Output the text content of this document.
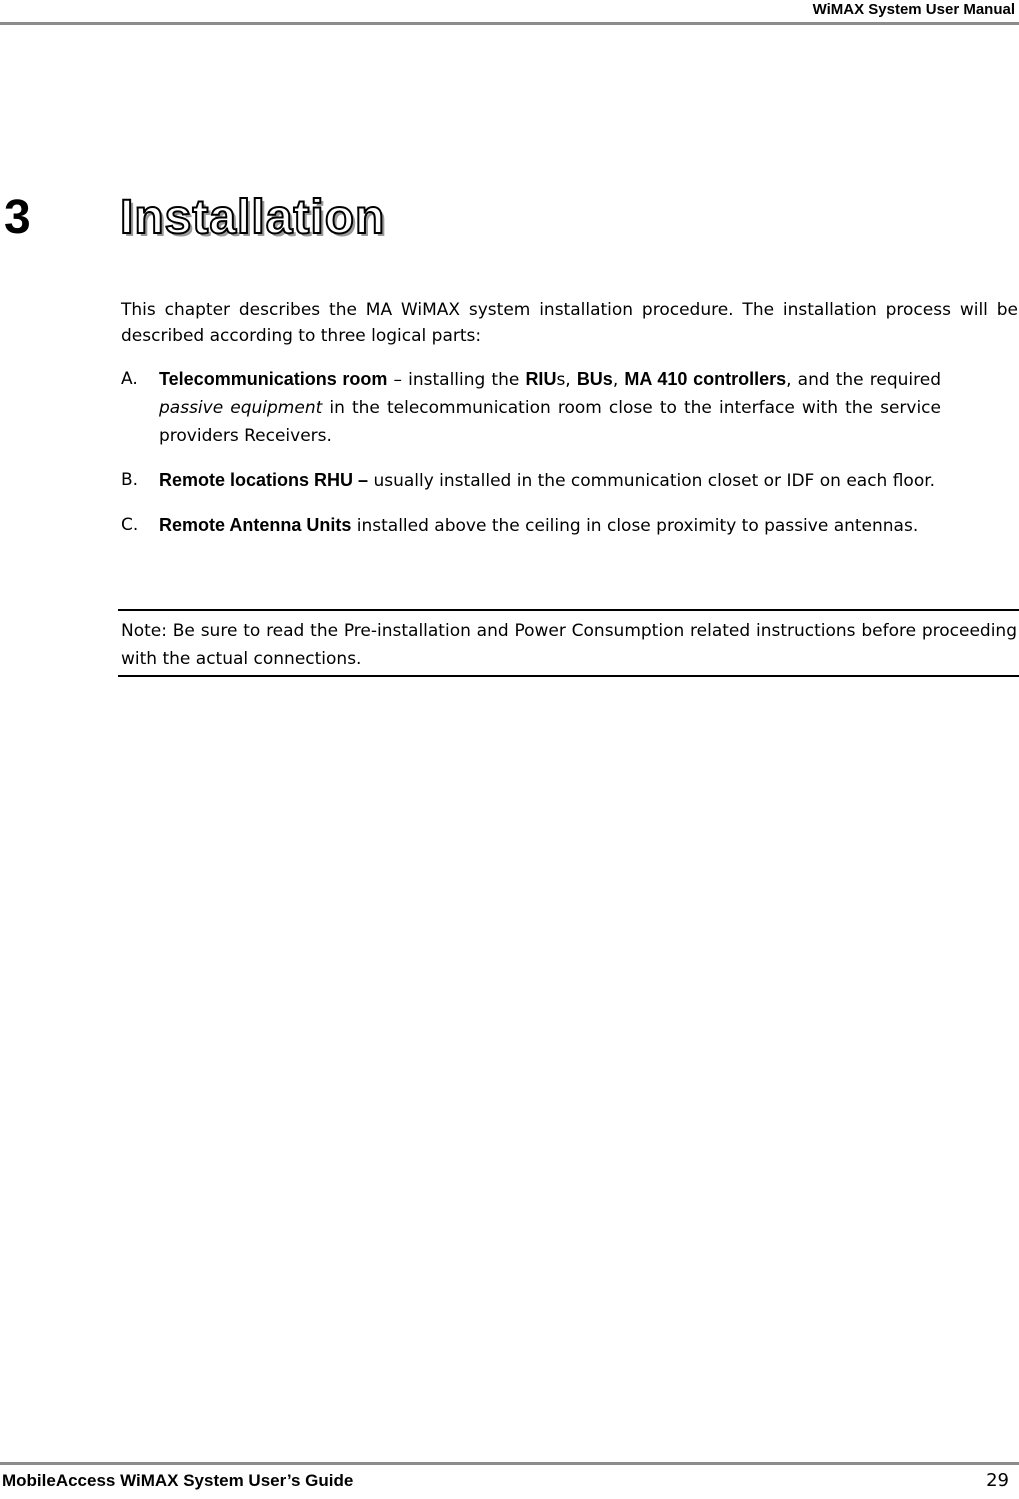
WiMAX System User Manual
3 Installation

This chapter describes the MA WiMAX system installation procedure. The installation process will be described according to three logical parts:

A. Telecommunications room – installing the RIUs, BUs, MA 410 controllers, and the required passive equipment in the telecommunication room close to the interface with the service providers Receivers.
B. Remote locations RHU – usually installed in the communication closet or IDF on each floor.
C. Remote Antenna Units installed above the ceiling in close proximity to passive antennas.
Note: Be sure to read the Pre-installation and Power Consumption related instructions before proceeding with the actual connections.
MobileAccess WiMAX System User’s Guide	29
